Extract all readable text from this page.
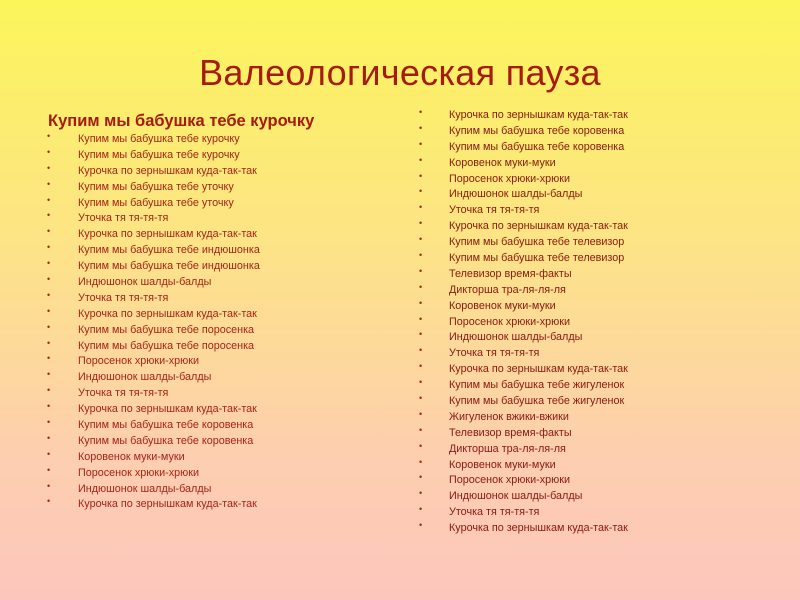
Валеологическая пауза
Купим мы бабушка тебе курочку
•	Купим мы бабушка тебе курочку
•	Купим мы бабушка тебе курочку
•	Курочка по зернышкам куда-так-так
•	Купим мы бабушка тебе уточку
•	Купим мы бабушка тебе уточку
•	Уточка тя тя-тя-тя
•	Курочка по зернышкам куда-так-так
•	Купим мы бабушка тебе индюшонка
•	Купим мы бабушка тебе индюшонка
•	Индюшонок шалды-балды
•	Уточка тя тя-тя-тя
•	Курочка по зернышкам куда-так-так
•	Купим мы бабушка тебе поросенка
•	Купим мы бабушка тебе поросенка
•	Поросенок хрюки-хрюки
•	Индюшонок шалды-балды
•	Уточка тя тя-тя-тя
•	Курочка по зернышкам куда-так-так
•	Купим мы бабушка тебе коровенка
•	Купим мы бабушка тебе коровенка
•	Коровенок муки-муки
•	Поросенок хрюки-хрюки
•	Индюшонок шалды-балды
•	Курочка по зернышкам куда-так-так
• Курочка по зернышкам куда-так-так
• Купим мы бабушка тебе коровенка
• Купим мы бабушка тебе коровенка
• Коровенок муки-муки
• Поросенок хрюки-хрюки
• Индюшонок шалды-балды
• Уточка тя тя-тя-тя
• Курочка по зернышкам куда-так-так
• Купим мы бабушка тебе телевизор
• Купим мы бабушка тебе телевизор
• Телевизор время-факты
• Дикторша тра-ля-ля-ля
• Коровенок муки-муки
• Поросенок хрюки-хрюки
• Индюшонок шалды-балды
• Уточка тя тя-тя-тя
• Курочка по зернышкам куда-так-так
• Купим мы бабушка тебе жигуленок
• Купим мы бабушка тебе жигуленок
• Жигуленок вжики-вжики
• Телевизор время-факты
• Дикторша тра-ля-ля-ля
• Коровенок муки-муки
• Поросенок хрюки-хрюки
• Индюшонок шалды-балды
• Уточка тя тя-тя-тя
• Курочка по зернышкам куда-так-так
